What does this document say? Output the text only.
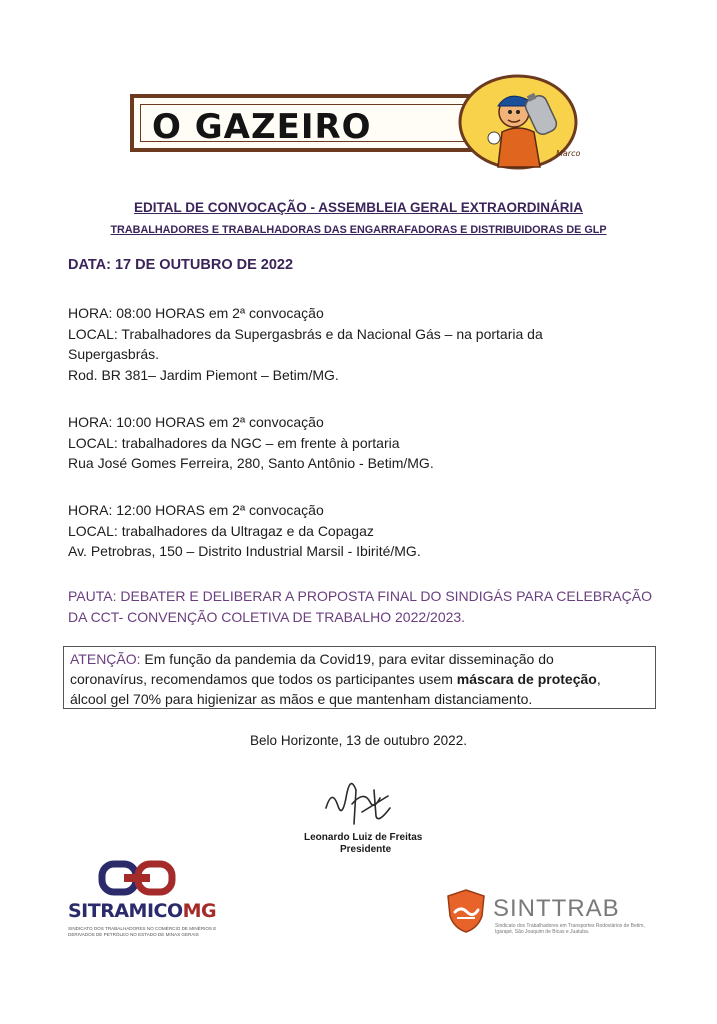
O GAZEIRO
Marco
EDITAL DE CONVOCAÇÃO - ASSEMBLEIA GERAL EXTRAORDINÁRIA
TRABALHADORES E TRABALHADORAS DAS ENGARRAFADORAS E DISTRIBUIDORAS DE GLP
DATA: 17 DE OUTUBRO DE 2022
HORA: 08:00 HORAS em 2ª convocação
LOCAL: Trabalhadores da Supergasbrás e da Nacional Gás – na portaria da
Supergasbrás.
Rod. BR 381– Jardim Piemont – Betim/MG.
HORA: 10:00 HORAS em 2ª convocação
LOCAL: trabalhadores da NGC – em frente à portaria
Rua José Gomes Ferreira, 280, Santo Antônio - Betim/MG.
HORA: 12:00 HORAS em 2ª convocação
LOCAL: trabalhadores da Ultragaz e da Copagaz
Av. Petrobras, 150 – Distrito Industrial Marsil - Ibirité/MG.
PAUTA: DEBATER E DELIBERAR A PROPOSTA FINAL DO SINDIGÁS PARA CELEBRAÇÃO
DA CCT- CONVENÇÃO COLETIVA DE TRABALHO 2022/2023.
ATENÇÃO: Em função da pandemia da Covid19, para evitar disseminação do
coronavírus, recomendamos que todos os participantes usem máscara de proteção,
álcool gel 70% para higienizar as mãos e que mantenham distanciamento.
Belo Horizonte, 13 de outubro 2022.
Leonardo Luiz de Freitas
Presidente
SITRAMICOMG
SINDICATO DOS TRABALHADORES NO COMÉRCIO DE MINÉRIOS E DERIVADOS DE PETRÓLEO NO ESTADO DE MINAS GERAIS
SINTTRAB
Sindicato dos Trabalhadores em Transportes Rodoviários de Betim, Igarapé, São Joaquim de Bicas e Juatuba.
